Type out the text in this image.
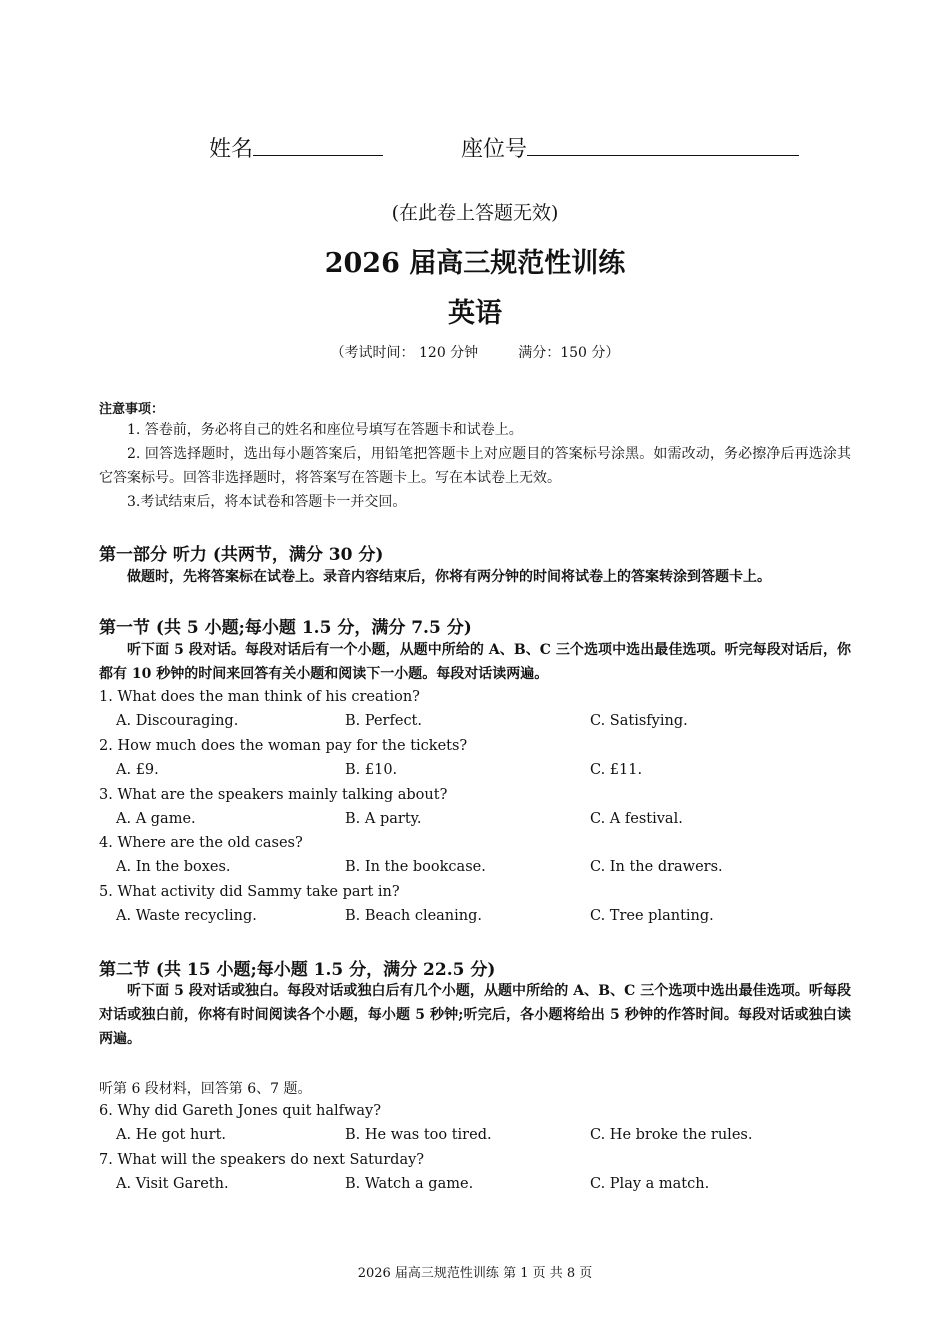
姓名	座位号
(在此卷上答题无效)
2026 届高三规范性训练
英语
（考试时间： 120 分钟         满分：150 分）
注意事项：
1. 答卷前，务必将自己的姓名和座位号填写在答题卡和试卷上。
2. 回答选择题时，选出每小题答案后，用铅笔把答题卡上对应题目的答案标号涂黑。如需改动，务必擦净后再选涂其它答案标号。回答非选择题时，将答案写在答题卡上。写在本试卷上无效。
3.考试结束后，将本试卷和答题卡一并交回。
第一部分 听力 (共两节，满分 30 分)
做题时，先将答案标在试卷上。录音内容结束后，你将有两分钟的时间将试卷上的答案转涂到答题卡上。
第一节 (共 5 小题;每小题 1.5 分，满分 7.5 分)
听下面 5 段对话。每段对话后有一个小题，从题中所给的 A、B、C 三个选项中选出最佳选项。听完每段对话后，你都有 10 秒钟的时间来回答有关小题和阅读下一小题。每段对话读两遍。
1. What does the man think of his creation?
A. Discouraging.	B. Perfect.	C. Satisfying.
2. How much does the woman pay for the tickets?
A. £9.	B. £10.	C. £11.
3. What are the speakers mainly talking about?
A. A game.	B. A party.	C. A festival.
4. Where are the old cases?
A. In the boxes.	B. In the bookcase.	C. In the drawers.
5. What activity did Sammy take part in?
A. Waste recycling.	B. Beach cleaning.	C. Tree planting.
第二节 (共 15 小题;每小题 1.5 分，满分 22.5 分)
听下面 5 段对话或独白。每段对话或独白后有几个小题，从题中所给的 A、B、C 三个选项中选出最佳选项。听每段对话或独白前，你将有时间阅读各个小题，每小题 5 秒钟;听完后，各小题将给出 5 秒钟的作答时间。每段对话或独白读两遍。
听第 6 段材料，回答第 6、7 题。
6. Why did Gareth Jones quit halfway?
A. He got hurt.	B. He was too tired.	C. He broke the rules.
7. What will the speakers do next Saturday?
A. Visit Gareth.	B. Watch a game.	C. Play a match.
2026 届高三规范性训练 第 1 页 共 8 页
